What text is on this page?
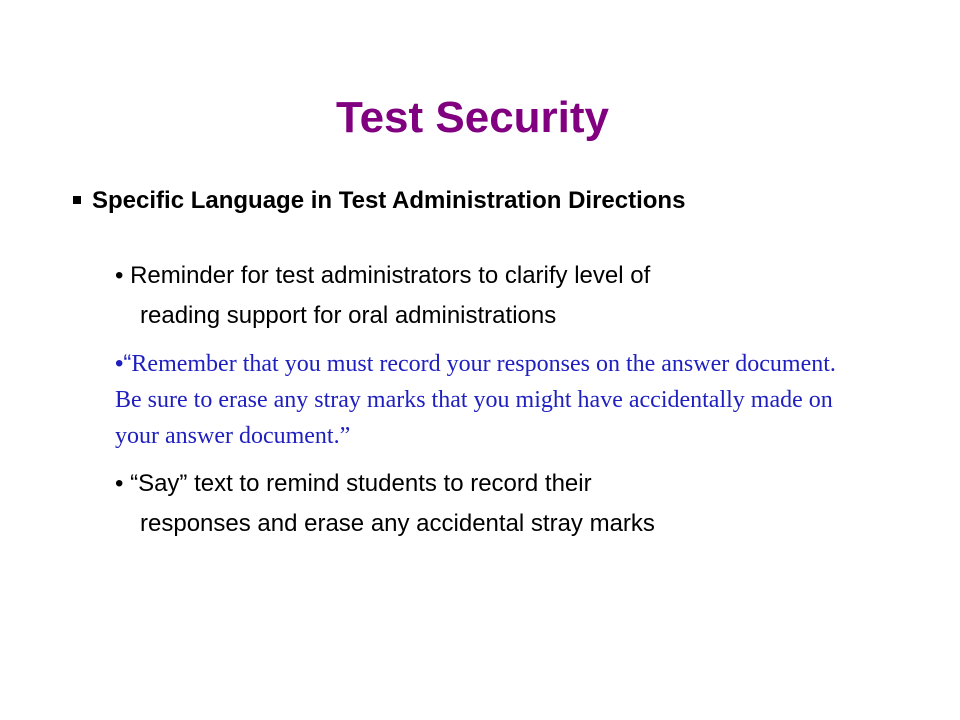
Test Security
Specific Language in Test Administration Directions
• Reminder for test administrators to clarify level of
reading support for oral administrations
•“Remember that you must record your responses on the answer document. Be sure to erase any stray marks that you might have accidentally made on your answer document.”
• “Say” text to remind students to record their
responses and erase any accidental stray marks
